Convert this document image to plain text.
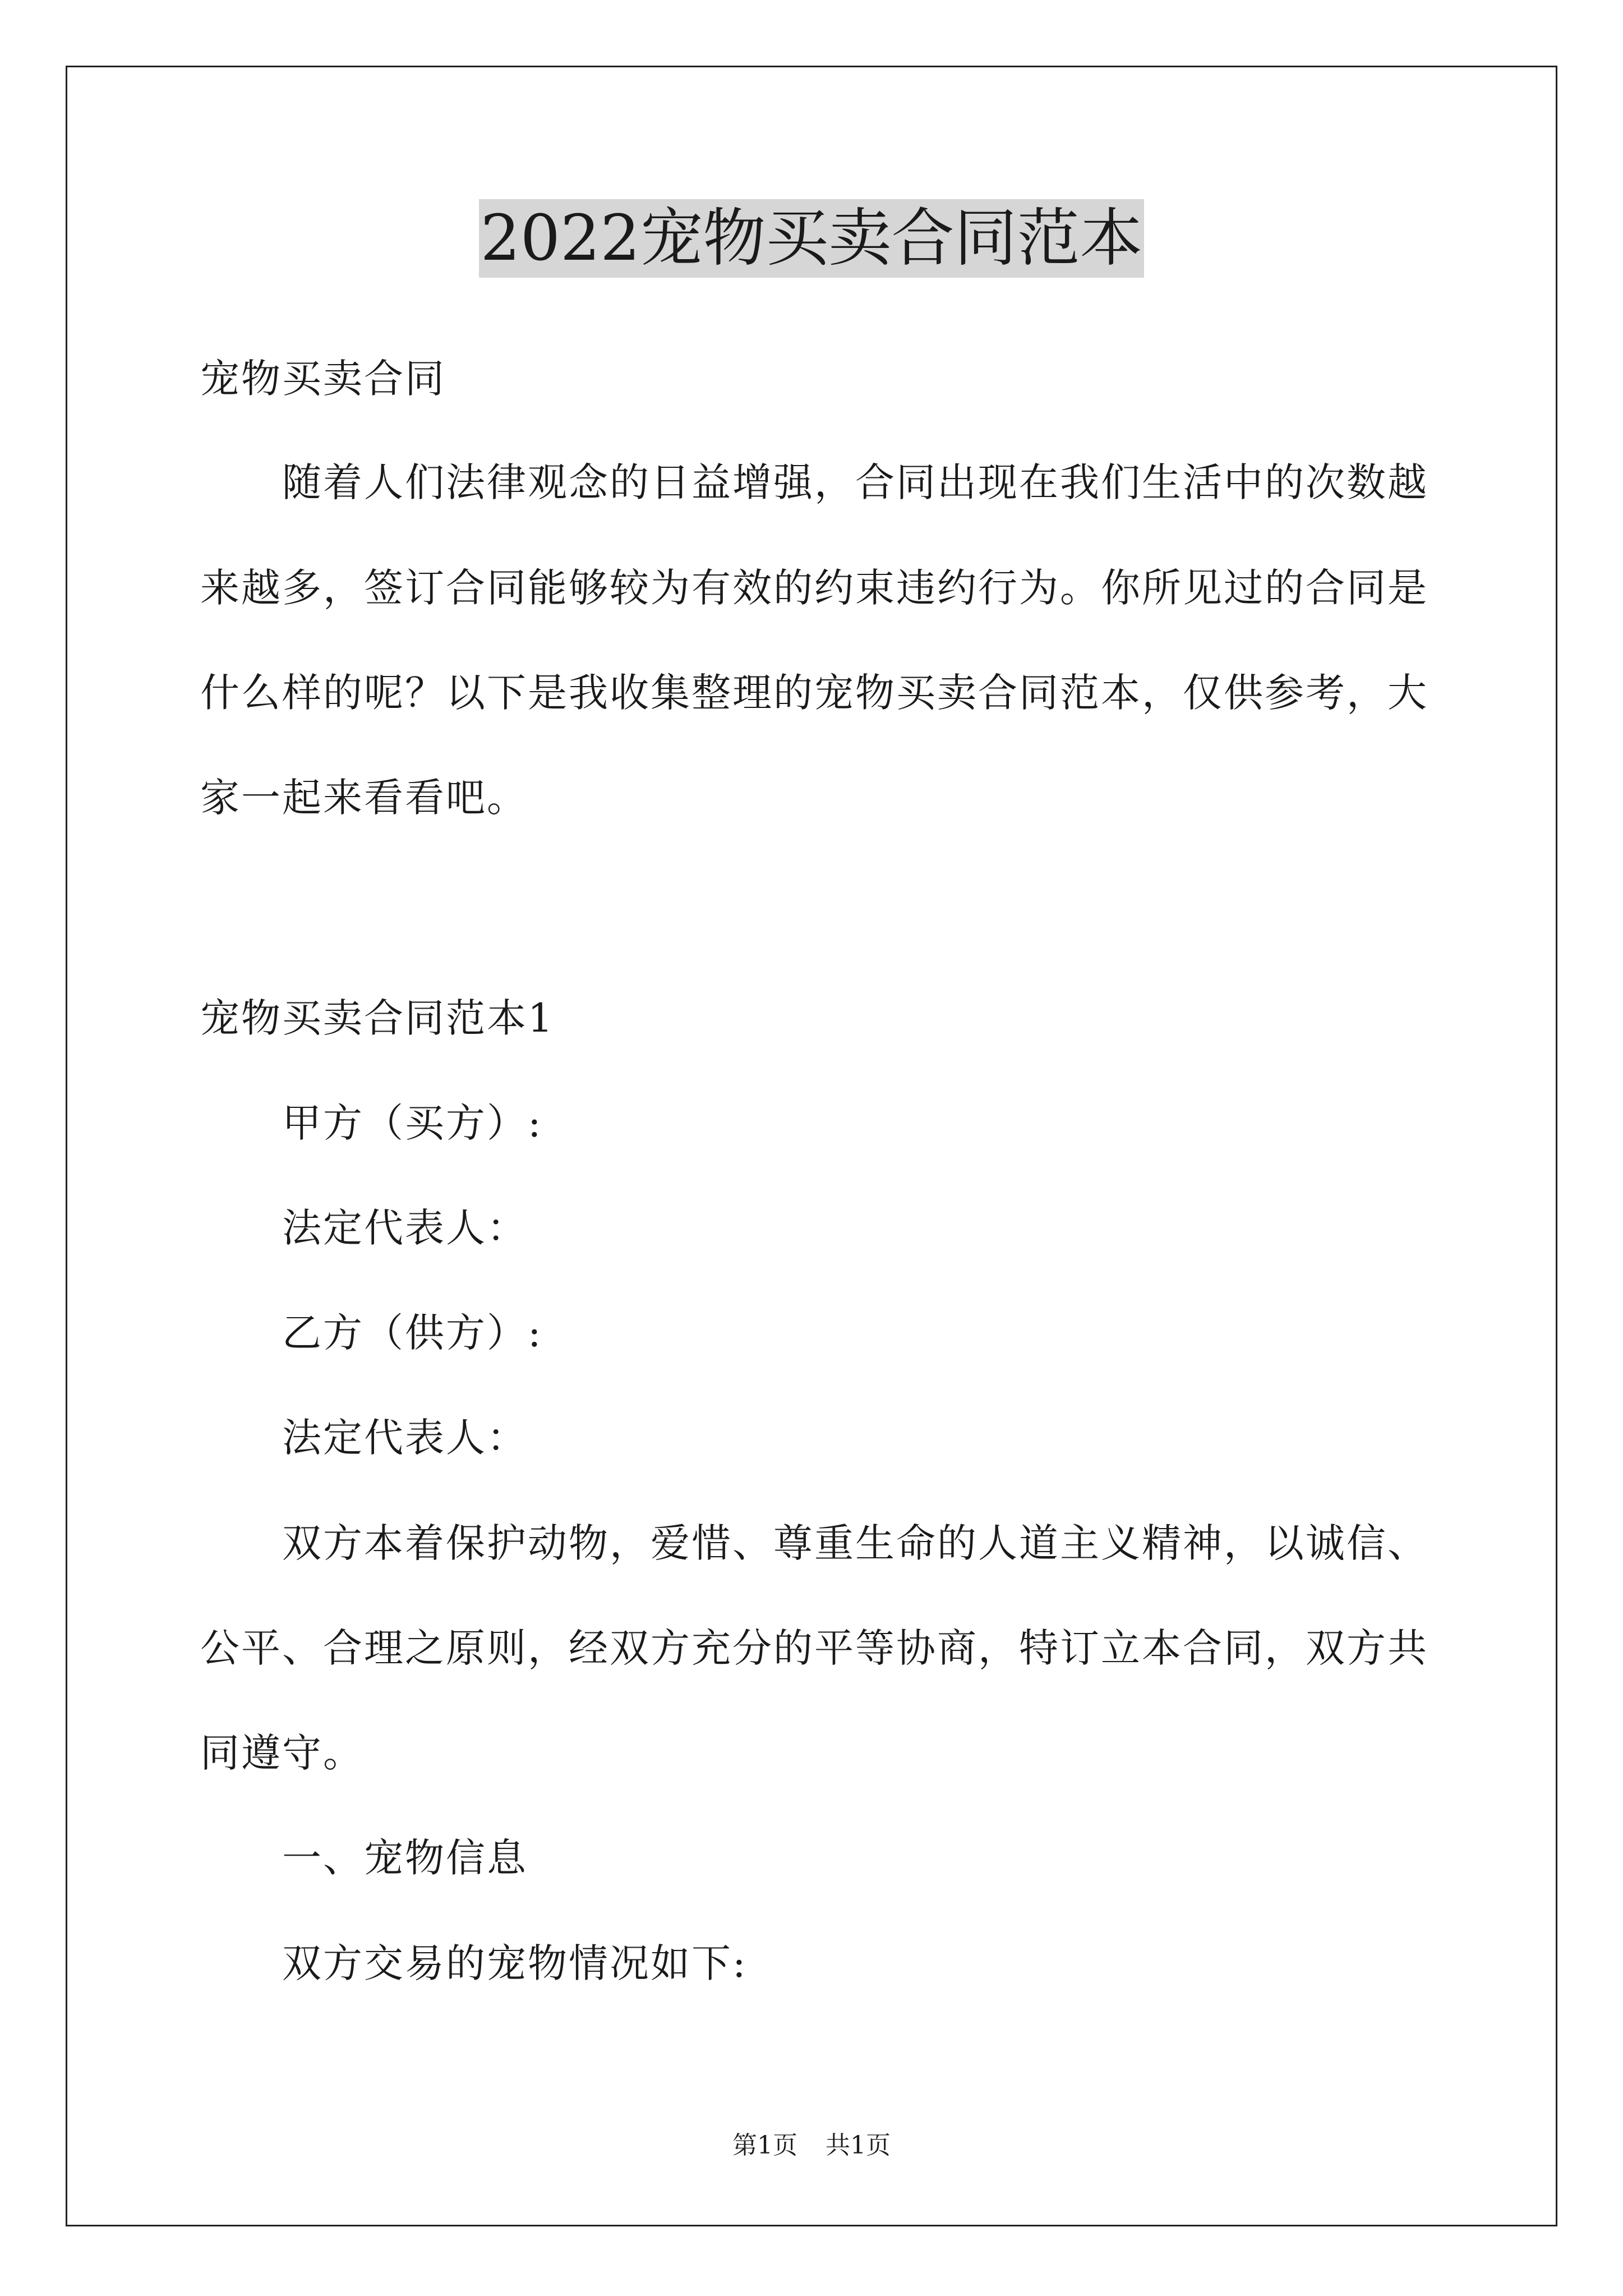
2022宠物买卖合同范本
宠物买卖合同
随着人们法律观念的日益增强，合同出现在我们生活中的次数越
来越多，签订合同能够较为有效的约束违约行为。你所见过的合同是
什么样的呢？以下是我收集整理的宠物买卖合同范本，仅供参考，大
家一起来看看吧。
宠物买卖合同范本1
甲方（买方）:
法定代表人：
乙方（供方）:
法定代表人：
双方本着保护动物，爱惜、尊重生命的人道主义精神，以诚信、
公平、合理之原则，经双方充分的平等协商，特订立本合同，双方共
同遵守。
一、宠物信息
双方交易的宠物情况如下:
第1页 共1页
